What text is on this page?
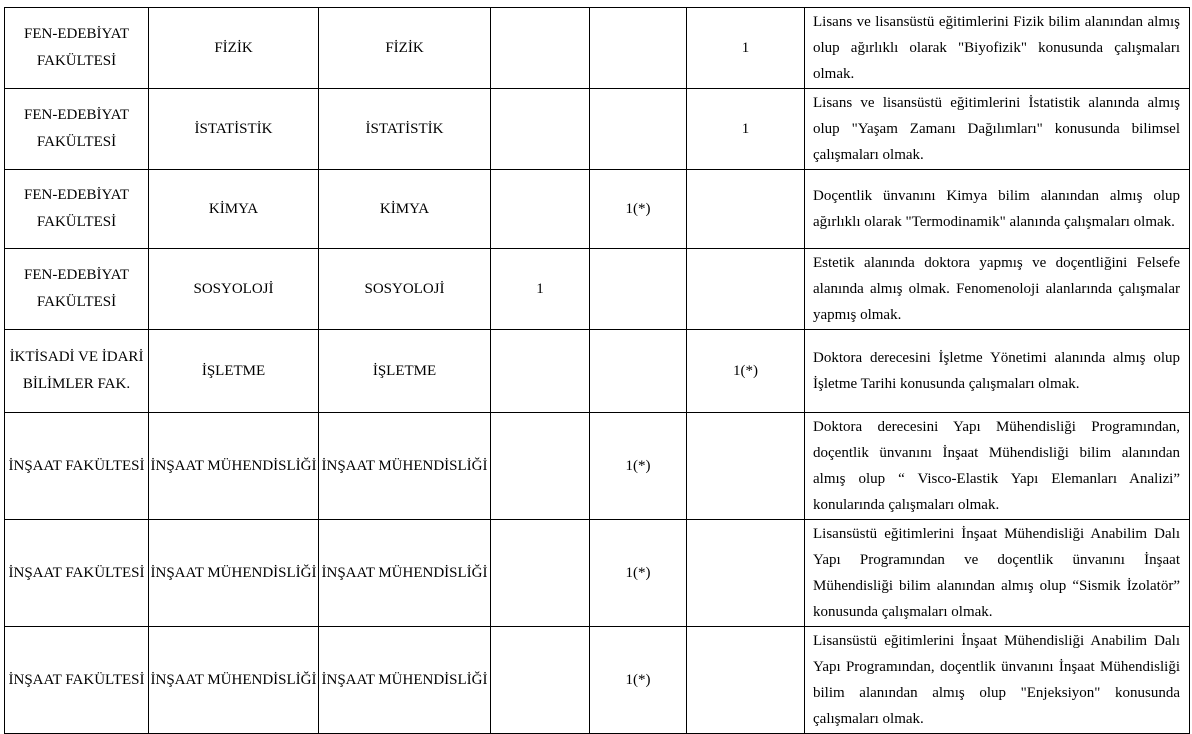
FEN-EDEBİYAT FAKÜLTESİ	FİZİK	FİZİK			1	Lisans ve lisansüstü eğitimlerini Fizik bilim alanından almış olup ağırlıklı olarak "Biyofizik" konusunda çalışmaları olmak.
FEN-EDEBİYAT FAKÜLTESİ	İSTATİSTİK	İSTATİSTİK			1	Lisans ve lisansüstü eğitimlerini İstatistik alanında almış olup "Yaşam Zamanı Dağılımları" konusunda bilimsel çalışmaları olmak.
FEN-EDEBİYAT FAKÜLTESİ	KİMYA	KİMYA		1(*)		Doçentlik ünvanını Kimya bilim alanından almış olup ağırlıklı olarak "Termodinamik" alanında çalışmaları olmak.
FEN-EDEBİYAT FAKÜLTESİ	SOSYOLOJİ	SOSYOLOJİ	1			Estetik alanında doktora yapmış ve doçentliğini Felsefe alanında almış olmak. Fenomenoloji alanlarında çalışmalar yapmış olmak.
İKTİSADİ VE İDARİ BİLİMLER FAK.	İŞLETME	İŞLETME			1(*)	Doktora derecesini İşletme Yönetimi alanında almış olup İşletme Tarihi konusunda çalışmaları olmak.
İNŞAAT FAKÜLTESİ	İNŞAAT MÜHENDİSLİĞİ	İNŞAAT MÜHENDİSLİĞİ		1(*)		Doktora derecesini Yapı Mühendisliği Programından, doçentlik ünvanını İnşaat Mühendisliği bilim alanından almış olup “ Visco-Elastik Yapı Elemanları Analizi” konularında çalışmaları olmak.
İNŞAAT FAKÜLTESİ	İNŞAAT MÜHENDİSLİĞİ	İNŞAAT MÜHENDİSLİĞİ		1(*)		Lisansüstü eğitimlerini İnşaat Mühendisliği Anabilim Dalı Yapı Programından ve doçentlik ünvanını İnşaat Mühendisliği bilim alanından almış olup “Sismik İzolatör” konusunda çalışmaları olmak.
İNŞAAT FAKÜLTESİ	İNŞAAT MÜHENDİSLİĞİ	İNŞAAT MÜHENDİSLİĞİ		1(*)		Lisansüstü eğitimlerini İnşaat Mühendisliği Anabilim Dalı Yapı Programından, doçentlik ünvanını İnşaat Mühendisliği bilim alanından almış olup "Enjeksiyon" konusunda çalışmaları olmak.
